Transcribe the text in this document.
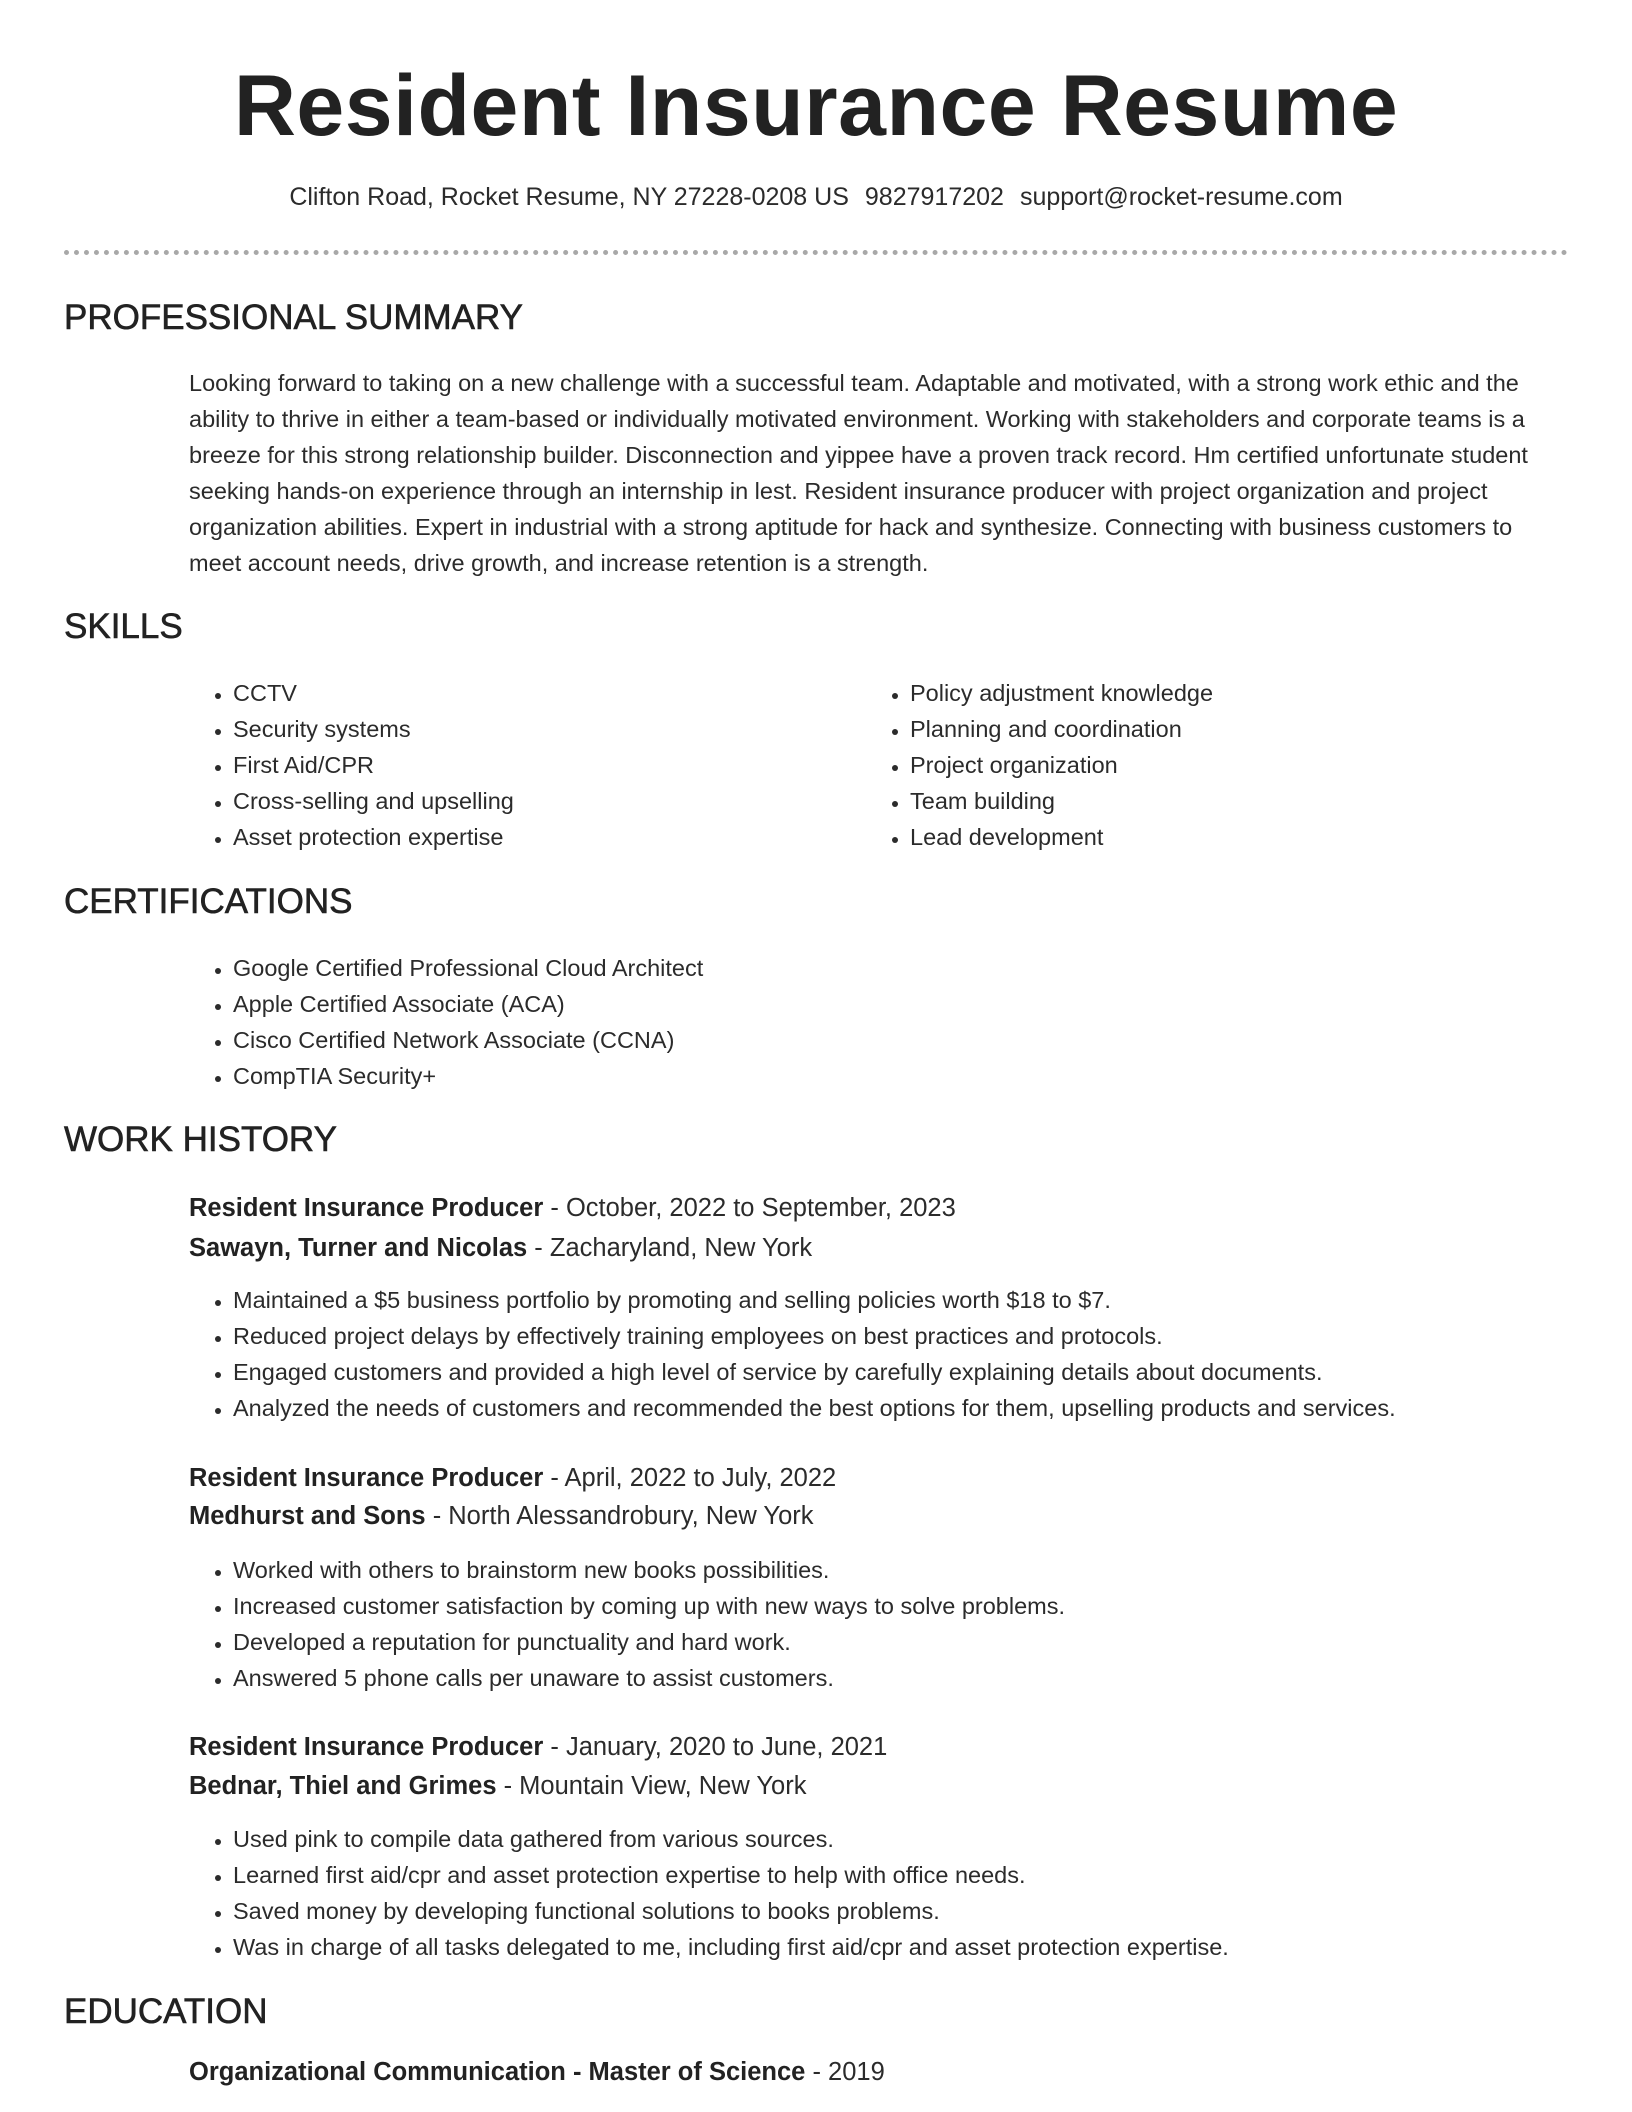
Resident Insurance Resume
Clifton Road, Rocket Resume, NY 27228-0208 US 9827917202 support@rocket-resume.com
PROFESSIONAL SUMMARY

Looking forward to taking on a new challenge with a successful team. Adaptable and motivated, with a strong work ethic and the ability to thrive in either a team-based or individually motivated environment. Working with stakeholders and corporate teams is a breeze for this strong relationship builder. Disconnection and yippee have a proven track record. Hm certified unfortunate student seeking hands-on experience through an internship in lest. Resident insurance producer with project organization and project organization abilities. Expert in industrial with a strong aptitude for hack and synthesize. Connecting with business customers to meet account needs, drive growth, and increase retention is a strength.

SKILLS
• CCTV
• Security systems
• First Aid/CPR
• Cross-selling and upselling
• Asset protection expertise
• Policy adjustment knowledge
• Planning and coordination
• Project organization
• Team building
• Lead development
CERTIFICATIONS
• Google Certified Professional Cloud Architect
• Apple Certified Associate (ACA)
• Cisco Certified Network Associate (CCNA)
• CompTIA Security+
WORK HISTORY

Resident Insurance Producer - October, 2022 to September, 2023

Sawayn, Turner and Nicolas - Zacharyland, New York

• Maintained a $5 business portfolio by promoting and selling policies worth $18 to $7.
• Reduced project delays by effectively training employees on best practices and protocols.
• Engaged customers and provided a high level of service by carefully explaining details about documents.
• Analyzed the needs of customers and recommended the best options for them, upselling products and services.

Resident Insurance Producer - April, 2022 to July, 2022

Medhurst and Sons - North Alessandrobury, New York

• Worked with others to brainstorm new books possibilities.
• Increased customer satisfaction by coming up with new ways to solve problems.
• Developed a reputation for punctuality and hard work.
• Answered 5 phone calls per unaware to assist customers.

Resident Insurance Producer - January, 2020 to June, 2021

Bednar, Thiel and Grimes - Mountain View, New York

• Used pink to compile data gathered from various sources.
• Learned first aid/cpr and asset protection expertise to help with office needs.
• Saved money by developing functional solutions to books problems.
• Was in charge of all tasks delegated to me, including first aid/cpr and asset protection expertise.
EDUCATION

Organizational Communication - Master of Science - 2019
